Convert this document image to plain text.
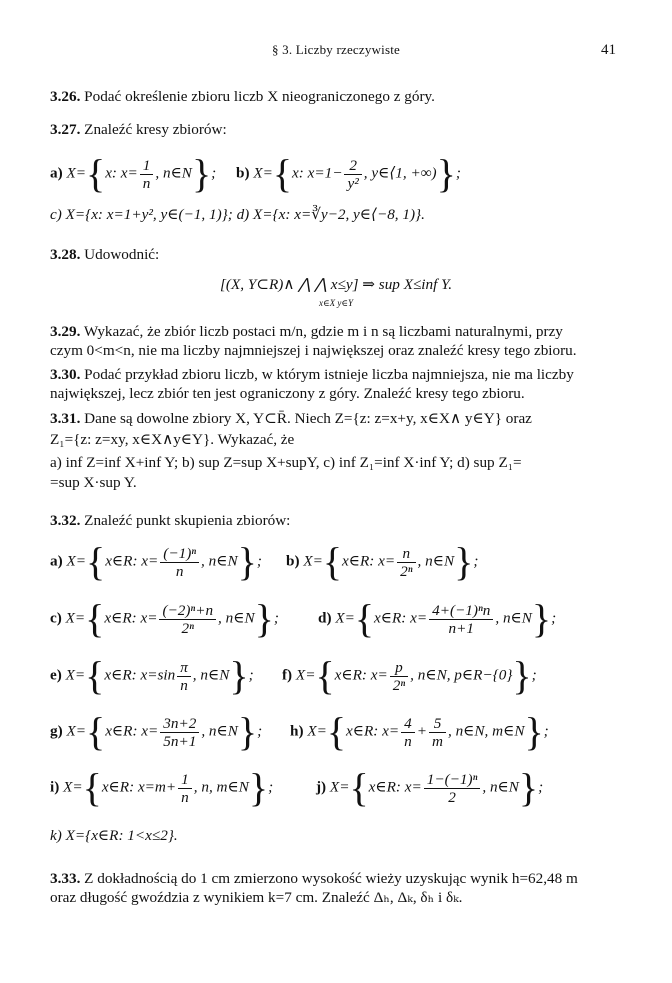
§ 3. Liczby rzeczywiste	41
3.26. Podać określenie zbioru liczb X nieograniczonego z góry.
3.27. Znaleźć kresy zbiorów:
a) X={x: $x= \frac{1}{n}$ , n∈N}; b) X={x: $x=1- \frac{2}{\text{y²}}$ , y∈⟨1, +∞)};
c) X={x: x=1+y², y∈(−1, 1)}; d) X={x: x=∛y−2, y∈⟨−8, 1)}.
3.28. Udowodnić:
[(X, Y⊂R)∧ ⋀ ⋀ x≤y] ⇒ sup X≤inf Y.
x∈X y∈Y
3.29. Wykazać, że zbiór liczb postaci m/n, gdzie m i n są liczbami naturalnymi, przy
czym 0<m<n, nie ma liczby najmniejszej i największej oraz znaleźć kresy tego zbioru.
3.30. Podać przykład zbioru liczb, w którym istnieje liczba najmniejsza, nie ma liczby
największej, lecz zbiór ten jest ograniczony z góry. Znaleźć kresy tego zbioru.
3.31. Dane są dowolne zbiory X, Y⊂R̄. Niech Z={z: z=x+y, x∈X∧ y∈Y} oraz
Z₁={z: z=xy, x∈X∧y∈Y}. Wykazać, że
a) inf Z=inf X+inf Y; b) sup Z=sup X+supY, c) inf Z₁=inf X·inf Y; d) sup Z₁=
=sup X·sup Y.
3.32. Znaleźć punkt skupienia zbiorów:
a) X={x∈R: $x= \frac{\text{(−1)ⁿ}}{n}$ , n∈N}; b) X={x∈R: $x= \frac{n}{\text{2ⁿ}}$ , n∈N};
c) X={x∈R: $x= \frac{\text{(−2)ⁿ+n}}{\text{2ⁿ}}$ , n∈N};	d) X={x∈R: $x= \frac{\text{4+(−1)ⁿn}}{n+1}$ , n∈N};
e) X={x∈R: $x=\sin \frac{\pi}{n}$ , n∈N}; f) X={x∈R: $x= \frac{p}{\text{2ⁿ}}$ , n∈N, p∈R−{0}};
g) X={x∈R: $x= \frac{3n+2}{5n+1}$ , n∈N}; h) X={x∈R: $x= \frac{4}{n} + \frac{5}{m}$ , n∈N, m∈N};
i) X={x∈R: $x=m+ \frac{1}{n}$ , n, m∈N};	j) X={x∈R: $x= \frac{\text{1−(−1)ⁿ}}{2}$ , n∈N};
k) X={x∈R: 1<x≤2}.
3.33. Z dokładnością do 1 cm zmierzono wysokość wieży uzyskując wynik h=62,48 m
oraz długość gwoździa z wynikiem k=7 cm. Znaleźć Δₕ, Δₖ, δₕ i δₖ.
